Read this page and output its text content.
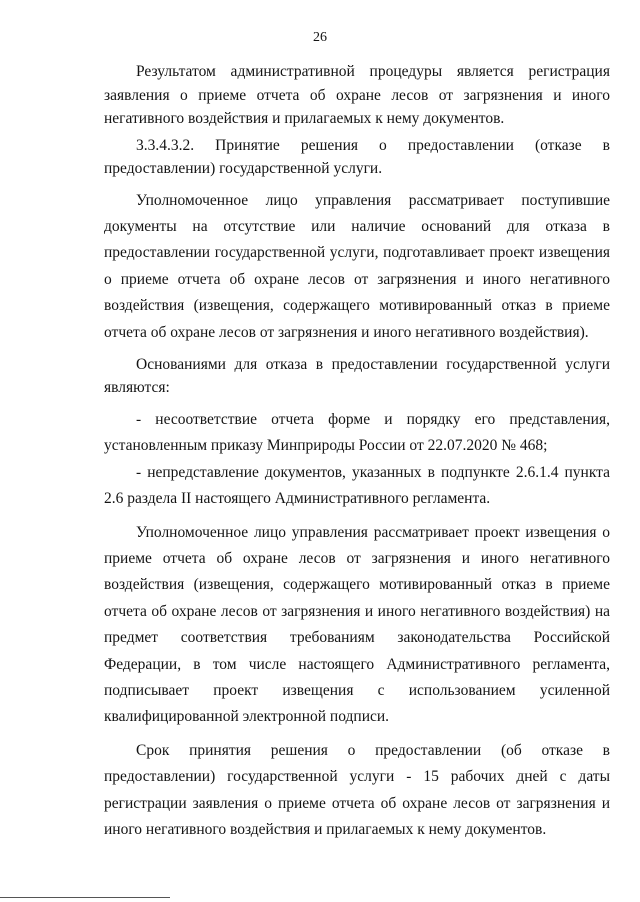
26

Результатом административной процедуры является регистрация заявления о приеме отчета об охране лесов от загрязнения и иного негативного воздействия и прилагаемых к нему документов.

3.3.4.3.2. Принятие решения о предоставлении (отказе в предоставлении) государственной услуги.

Уполномоченное лицо управления рассматривает поступившие документы на отсутствие или наличие оснований для отказа в предоставлении государственной услуги, подготавливает проект извещения о приеме отчета об охране лесов от загрязнения и иного негативного воздействия (извещения, содержащего мотивированный отказ в приеме отчета об охране лесов от загрязнения и иного негативного воздействия).

Основаниями для отказа в предоставлении государственной услуги являются:

- несоответствие отчета форме и порядку его представления, установленным приказу Минприроды России от 22.07.2020 № 468;

- непредставление документов, указанных в подпункте 2.6.1.4 пункта 2.6 раздела II настоящего Административного регламента.

Уполномоченное лицо управления рассматривает проект извещения о приеме отчета об охране лесов от загрязнения и иного негативного воздействия (извещения, содержащего мотивированный отказ в приеме отчета об охране лесов от загрязнения и иного негативного воздействия) на предмет соответствия требованиям законодательства Российской Федерации, в том числе настоящего Административного регламента, подписывает проект извещения с использованием усиленной квалифицированной электронной подписи.

Срок принятия решения о предоставлении (об отказе в предоставлении) государственной услуги - 15 рабочих дней с даты регистрации заявления о приеме отчета об охране лесов от загрязнения и иного негативного воздействия и прилагаемых к нему документов.
